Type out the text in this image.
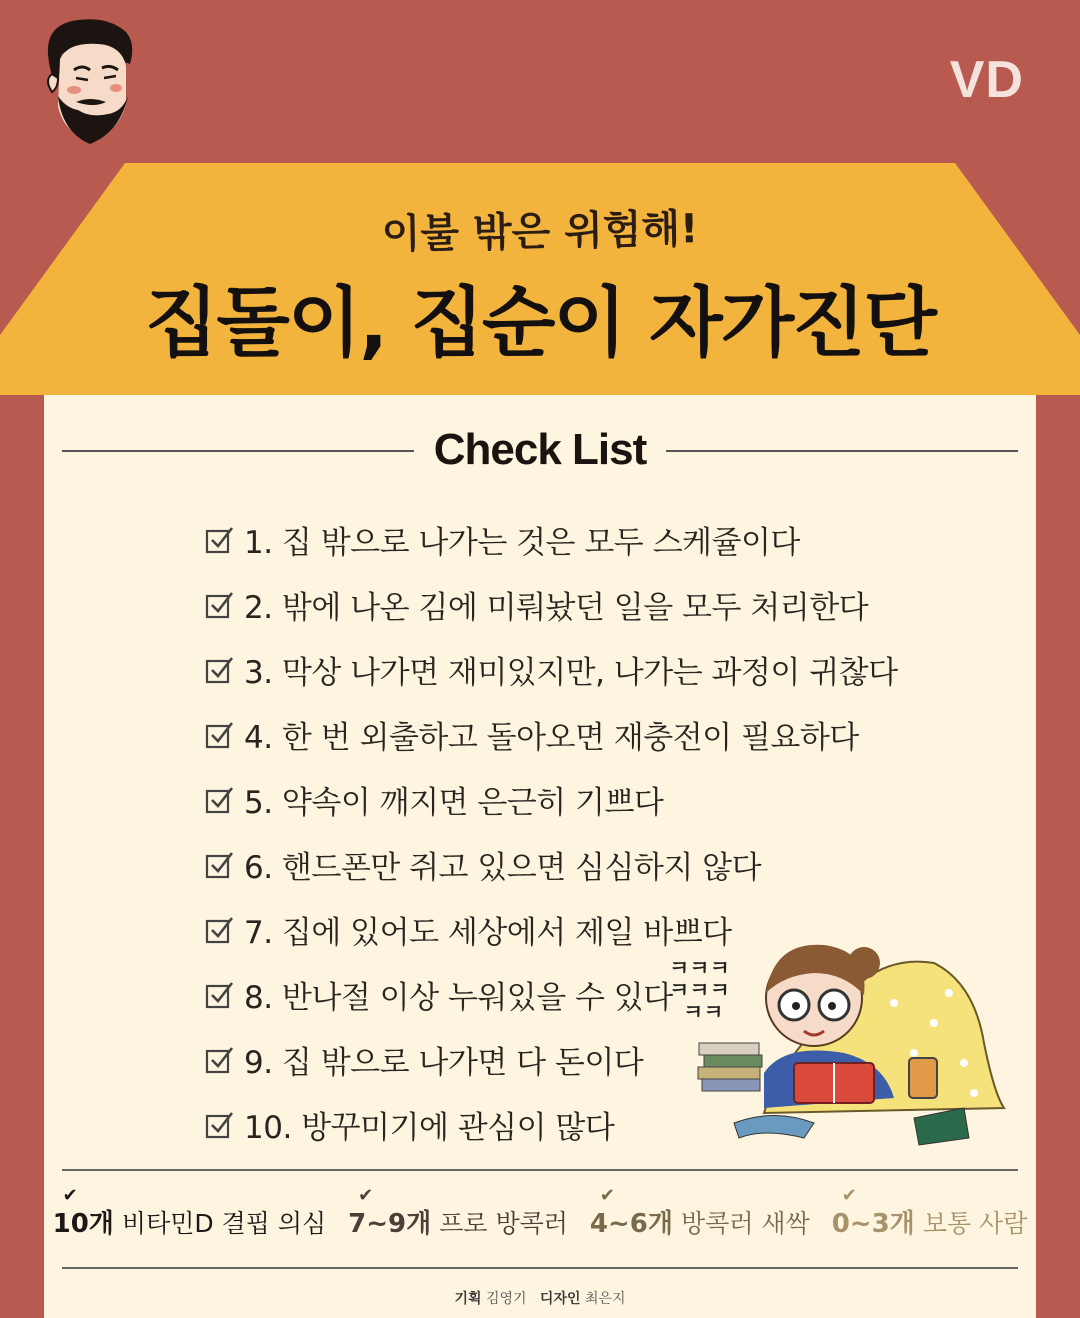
VD
이불 밖은 위험해!
집돌이, 집순이 자가진단
Check List
1. 집 밖으로 나가는 것은 모두 스케쥴이다
2. 밖에 나온 김에 미뤄놨던 일을 모두 처리한다
3. 막상 나가면 재미있지만, 나가는 과정이 귀찮다
4. 한 번 외출하고 돌아오면 재충전이 필요하다
5. 약속이 깨지면 은근히 기쁘다
6. 핸드폰만 쥐고 있으면 심심하지 않다
7. 집에 있어도 세상에서 제일 바쁘다
8. 반나절 이상 누워있을 수 있다
9. 집 밖으로 나가면 다 돈이다
10. 방꾸미기에 관심이 많다
ㅋㅋㅋ
ㅋㅋㅋ
ㅋㅋ
✔
10개 비타민D 결핍 의심
✔
7~9개 프로 방콕러
✔
4~6개 방콕러 새싹
✔
0~3개 보통 사람
기획 김영기 디자인 최은지
